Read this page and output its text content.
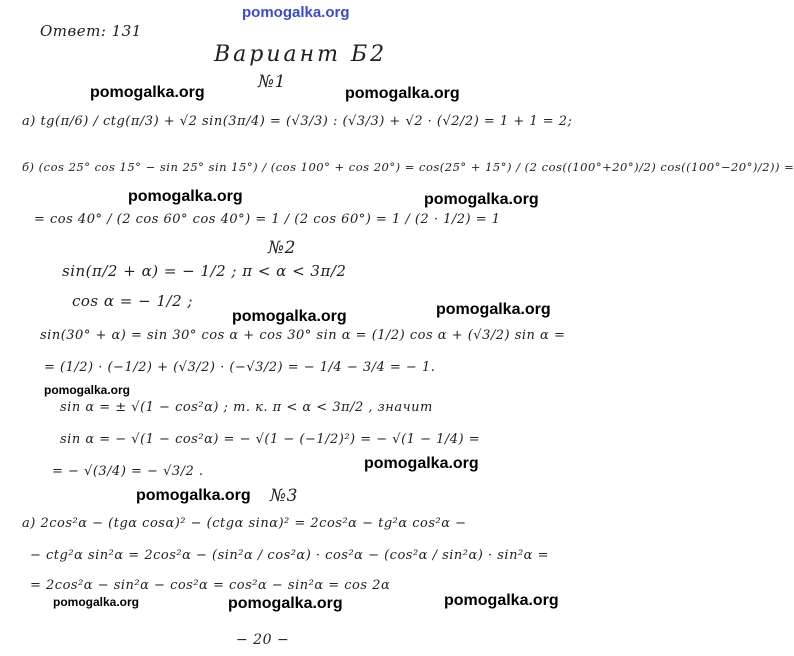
pomogalka.org
pomogalka.org	pomogalka.org
pomogalka.org	pomogalka.org
pomogalka.org	pomogalka.org
pomogalka.org
pomogalka.org
pomogalka.org
pomogalka.org	pomogalka.org	pomogalka.org
Ответ: 131
Вариант Б2
№1
а) tg(π/6) / ctg(π/3) + √2 sin(3π/4) = (√3/3) : (√3/3) + √2 · (√2/2) = 1 + 1 = 2;
б) (cos 25° cos 15° − sin 25° sin 15°) / (cos 100° + cos 20°) = cos(25° + 15°) / (2 cos((100°+20°)/2) cos((100°−20°)/2)) =
= cos 40° / (2 cos 60° cos 40°) = 1 / (2 cos 60°) = 1 / (2 · 1/2) = 1
№2
sin(π/2 + α) = − 1/2 ; π < α < 3π/2
cos α = − 1/2 ;
sin(30° + α) = sin 30° cos α + cos 30° sin α = (1/2) cos α + (√3/2) sin α =
= (1/2) · (−1/2) + (√3/2) · (−√3/2) = − 1/4 − 3/4 = − 1.
sin α = ± √(1 − cos²α) ; т. к. π < α < 3π/2 , значит
sin α = − √(1 − cos²α) = − √(1 − (−1/2)²) = − √(1 − 1/4) =
= − √(3/4) = − √3/2 .
№3
а) 2cos²α − (tgα cosα)² − (ctgα sinα)² = 2cos²α − tg²α cos²α −
− ctg²α sin²α = 2cos²α − (sin²α / cos²α) · cos²α − (cos²α / sin²α) · sin²α =
= 2cos²α − sin²α − cos²α = cos²α − sin²α = cos 2α
− 20 −
